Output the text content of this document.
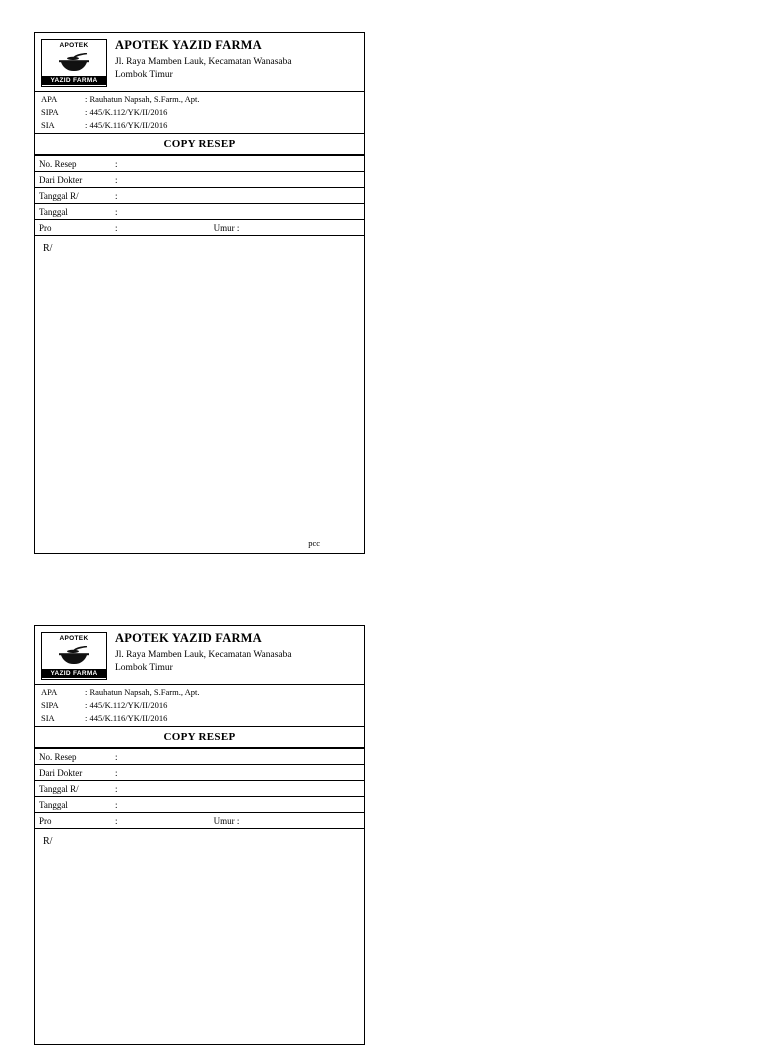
APOTEK
YAZID FARMA
APOTEK YAZID FARMA
Jl. Raya Mamben Lauk, Kecamatan Wanasaba
Lombok Timur
APA	: Rauhatun Napsah, S.Farm., Apt.
SIPA	: 445/K.112/YK/II/2016
SIA	: 445/K.116/YK/II/2016
COPY RESEP
No. Resep	:	
Dari Dokter	:	
Tanggal R/	:	
Tanggal	:	
Pro	:	Umur :
R/
pcc
APOTEK
YAZID FARMA
APOTEK YAZID FARMA
Jl. Raya Mamben Lauk, Kecamatan Wanasaba
Lombok Timur
APA	: Rauhatun Napsah, S.Farm., Apt.
SIPA	: 445/K.112/YK/II/2016
SIA	: 445/K.116/YK/II/2016
COPY RESEP
No. Resep	:	
Dari Dokter	:	
Tanggal R/	:	
Tanggal	:	
Pro	:	Umur :
R/
